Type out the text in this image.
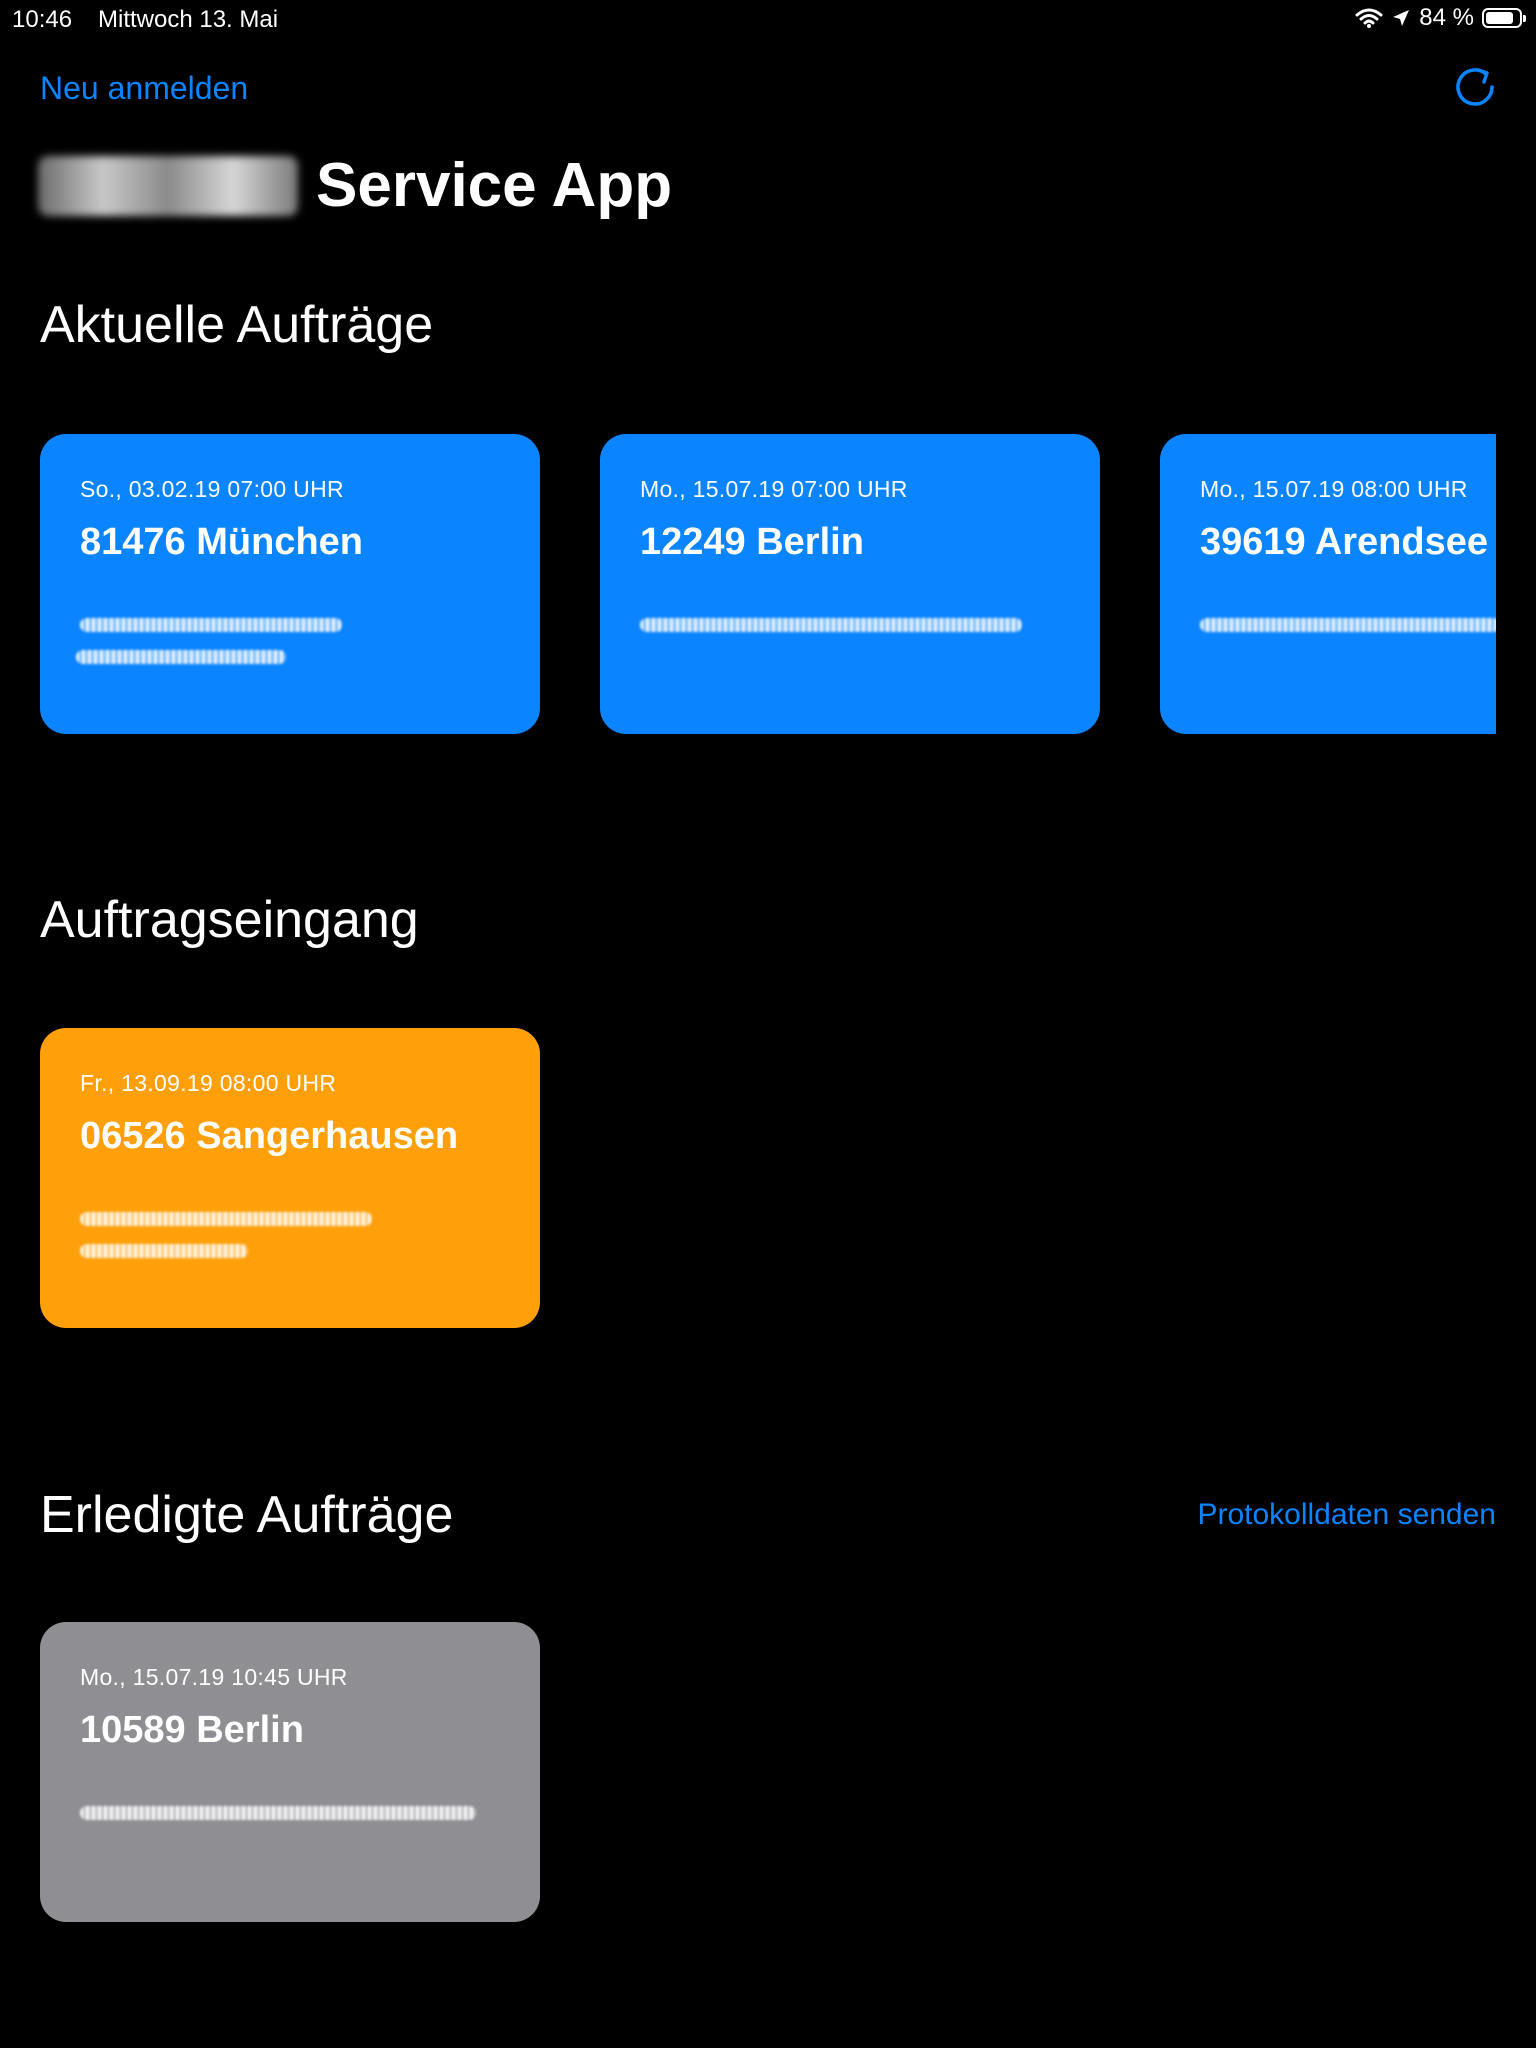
10:46 Mittwoch 13. Mai	84 %
Neu anmelden
Service App
Aktuelle Aufträge
So., 03.02.19 07:00 UHR
81476 München
Mo., 15.07.19 07:00 UHR
12249 Berlin
Mo., 15.07.19 08:00 UHR
39619 Arendsee
Auftragseingang
Fr., 13.09.19 08:00 UHR
06526 Sangerhausen
Erledigte Aufträge	Protokolldaten senden
Mo., 15.07.19 10:45 UHR
10589 Berlin
